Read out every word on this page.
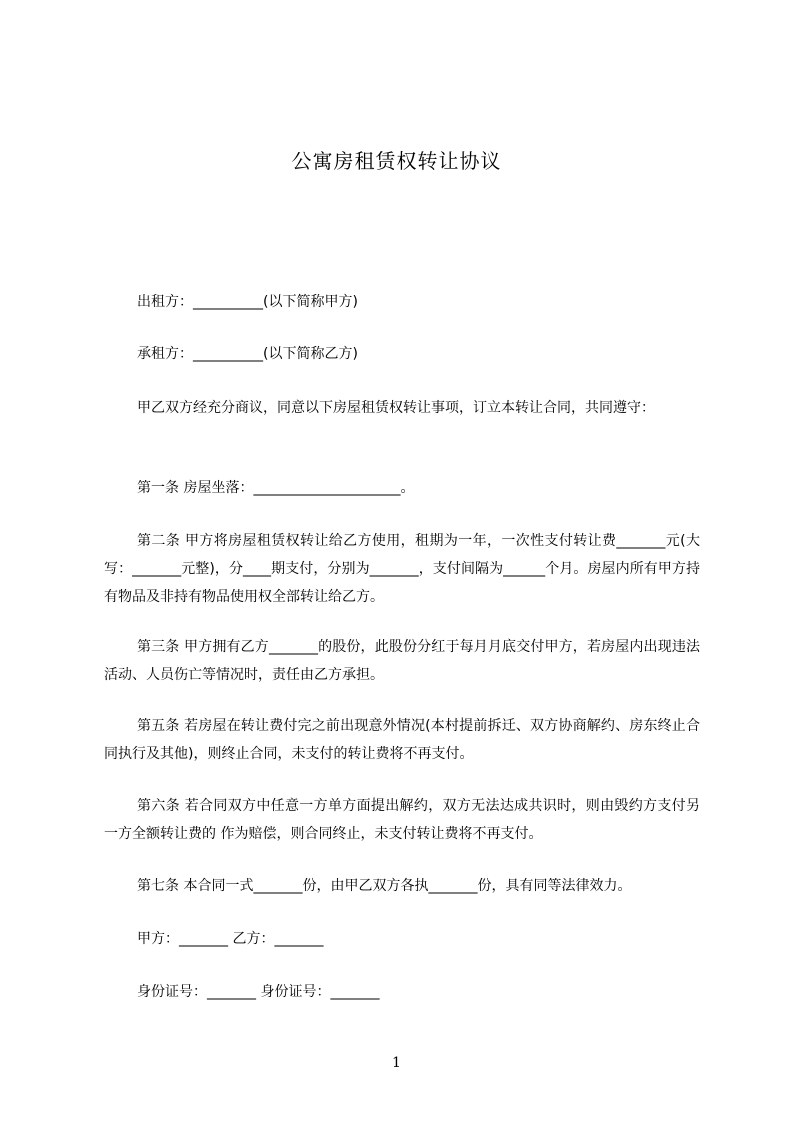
公寓房租赁权转让协议
出租方：__________(以下简称甲方)
承租方：__________(以下简称乙方)
甲乙双方经充分商议，同意以下房屋租赁权转让事项，订立本转让合同，共同遵守：
第一条 房屋坐落：_____________________。
第二条 甲方将房屋租赁权转让给乙方使用，租期为一年，一次性支付转让费_______元(大写：_______元整)，分____期支付，分别为_______，支付间隔为______个月。房屋内所有甲方持有物品及非持有物品使用权全部转让给乙方。
第三条 甲方拥有乙方_______的股份，此股份分红于每月月底交付甲方，若房屋内出现违法活动、人员伤亡等情况时，责任由乙方承担。
第五条 若房屋在转让费付完之前出现意外情况(本村提前拆迁、双方协商解约、房东终止合同执行及其他)，则终止合同，未支付的转让费将不再支付。
第六条 若合同双方中任意一方单方面提出解约，双方无法达成共识时，则由毁约方支付另一方全额转让费的 作为赔偿，则合同终止，未支付转让费将不再支付。
第七条 本合同一式_______份，由甲乙双方各执_______份，具有同等法律效力。
甲方：_______ 乙方：_______
身份证号：_______ 身份证号：_______
1
